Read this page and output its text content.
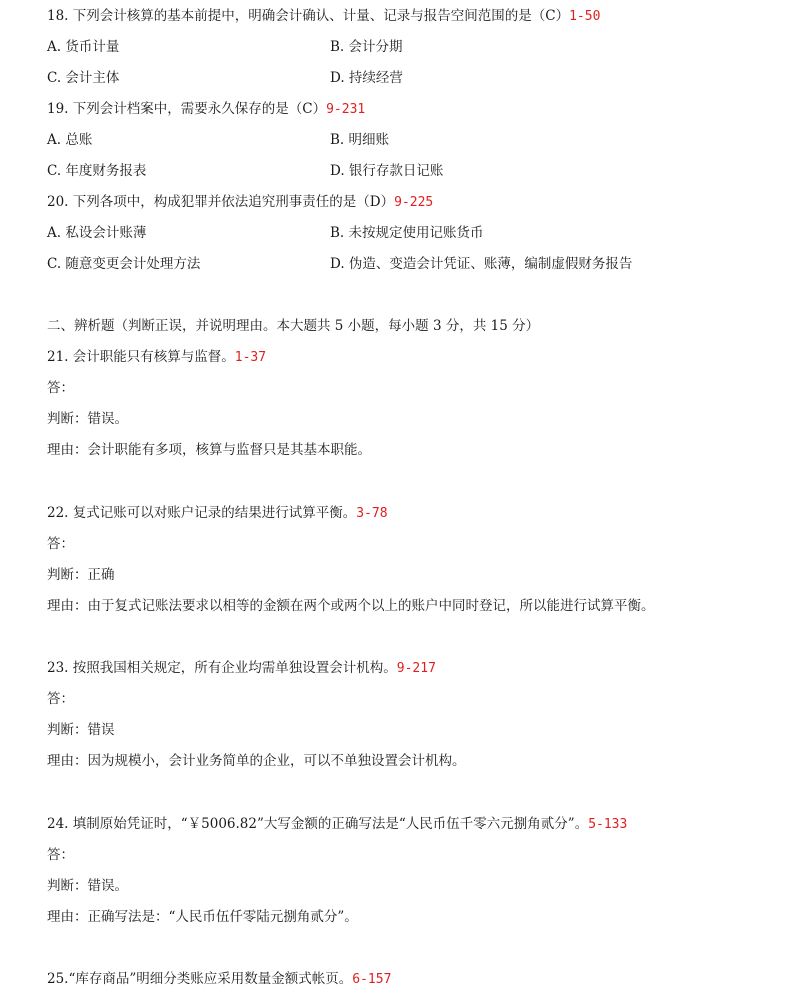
18. 下列会计核算的基本前提中，明确会计确认、计量、记录与报告空间范围的是（C）1-50
A. 货币计量	B. 会计分期
C. 会计主体	D. 持续经营
19. 下列会计档案中，需要永久保存的是（C）9-231
A. 总账	B. 明细账
C. 年度财务报表	D. 银行存款日记账
20. 下列各项中，构成犯罪并依法追究刑事责任的是（D）9-225
A. 私设会计账薄	B. 未按规定使用记账货币
C. 随意变更会计处理方法	D. 伪造、变造会计凭证、账薄，编制虚假财务报告
二、辨析题（判断正误，并说明理由。本大题共 5 小题，每小题 3 分，共 15 分）
21. 会计职能只有核算与监督。1-37
答：
判断：错误。
理由：会计职能有多项，核算与监督只是其基本职能。
22. 复式记账可以对账户记录的结果进行试算平衡。3-78
答：
判断：正确
理由：由于复式记账法要求以相等的金额在两个或两个以上的账户中同时登记，所以能进行试算平衡。
23. 按照我国相关规定，所有企业均需单独设置会计机构。9-217
答：
判断：错误
理由：因为规模小，会计业务简单的企业，可以不单独设置会计机构。
24. 填制原始凭证时，“￥5006.82”大写金额的正确写法是“人民币伍千零六元捌角贰分”。5-133
答：
判断：错误。
理由：正确写法是：“人民币伍仟零陆元捌角贰分”。
25.“库存商品”明细分类账应采用数量金额式帐页。6-157
